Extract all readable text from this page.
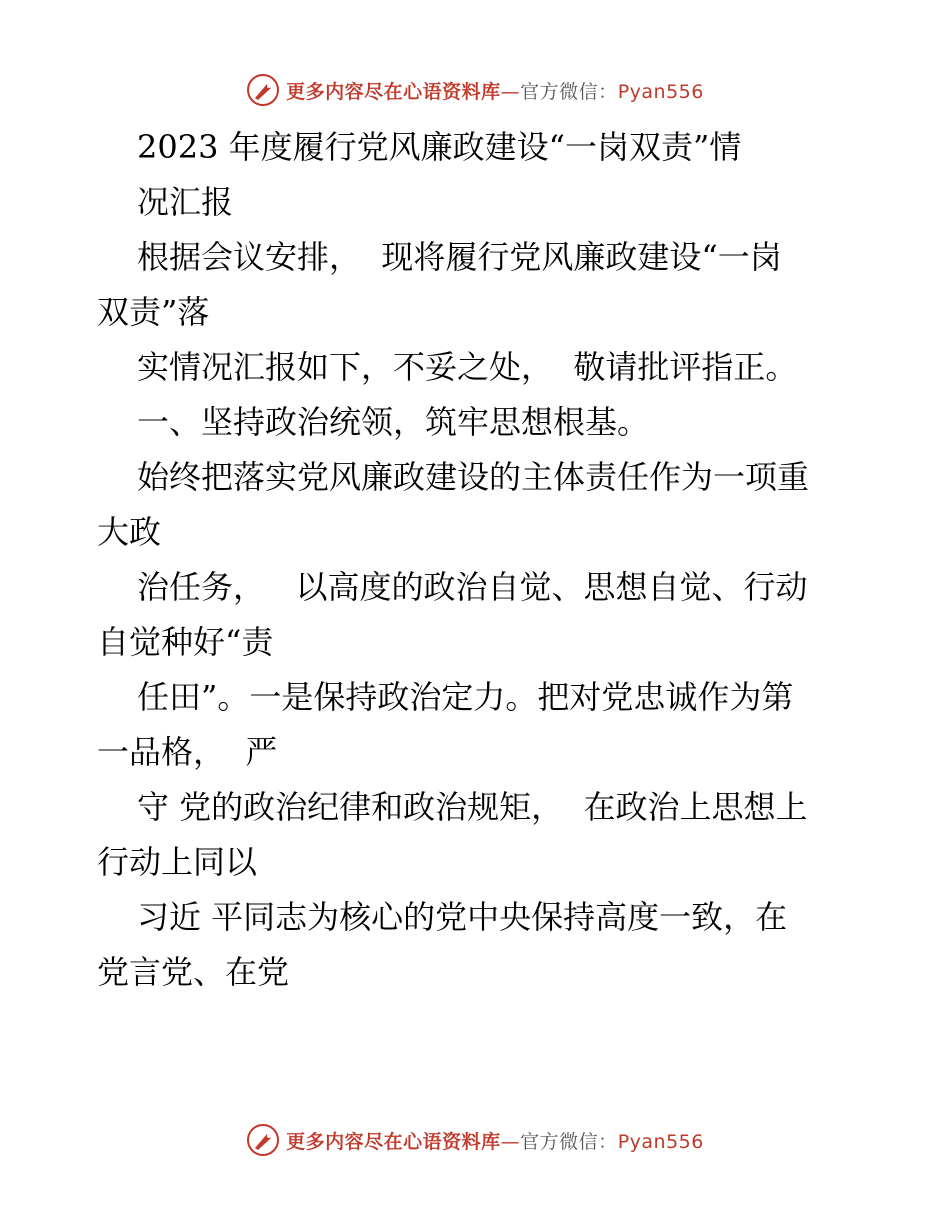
更多内容尽在心语资料库—官方微信：Pyan556
2023 年度履行党风廉政建设“一岗双责”情
况汇报
根据会议安排，  现将履行党风廉政建设“一岗
双责”落
实情况汇报如下，不妥之处，  敬请批评指正。
一、坚持政治统领，筑牢思想根基。
始终把落实党风廉政建设的主体责任作为一项重
大政
治任务，   以高度的政治自觉、思想自觉、行动
自觉种好“责
任田”。一是保持政治定力。把对党忠诚作为第
一品格，  严
守 党的政治纪律和政治规矩，  在政治上思想上
行动上同以
习近 平同志为核心的党中央保持高度一致，在
党言党、在党
更多内容尽在心语资料库—官方微信：Pyan556
